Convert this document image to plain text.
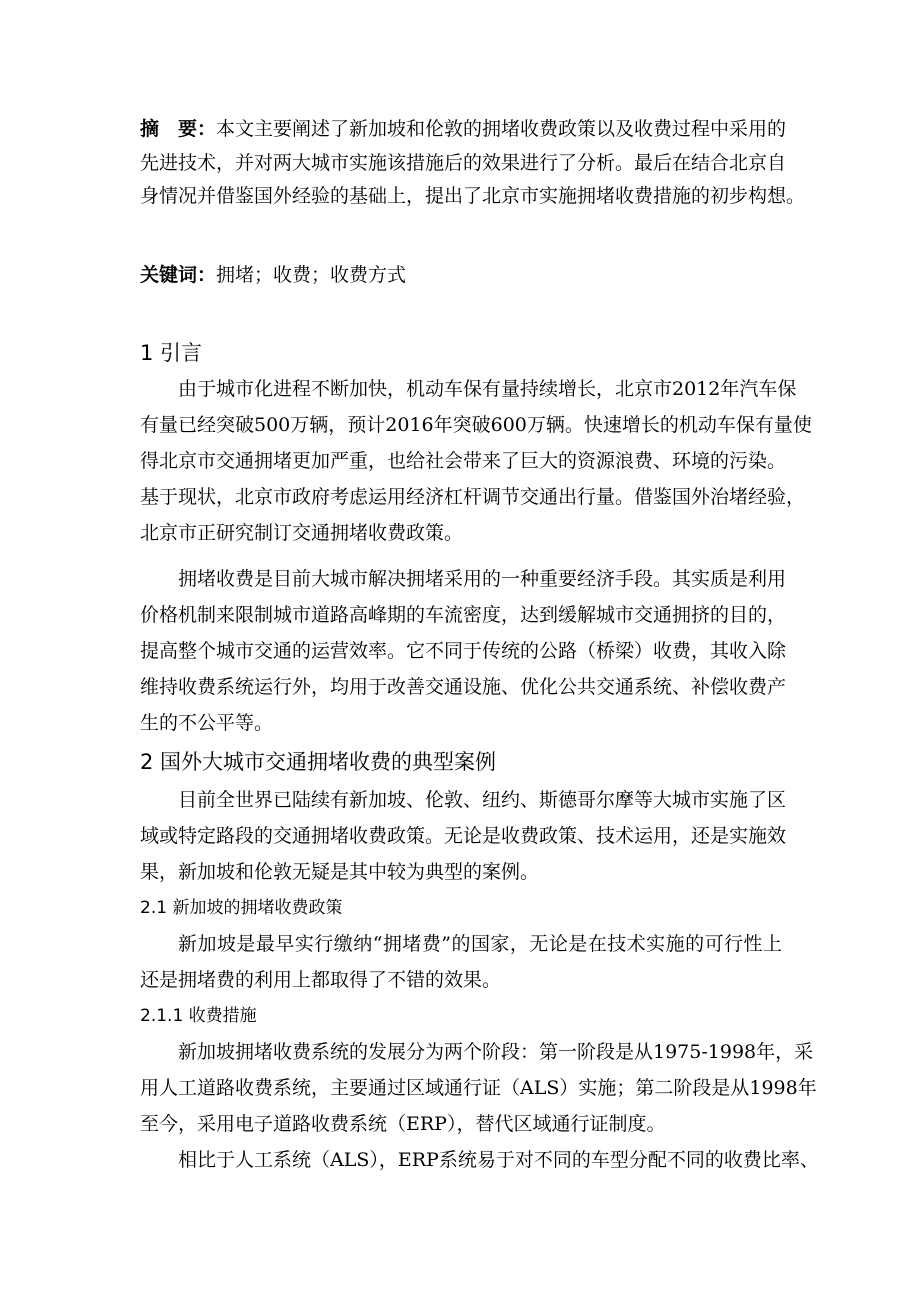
摘　要：本文主要阐述了新加坡和伦敦的拥堵收费政策以及收费过程中采用的
先进技术，并对两大城市实施该措施后的效果进行了分析。最后在结合北京自
身情况并借鉴国外经验的基础上，提出了北京市实施拥堵收费措施的初步构想。
关键词：拥堵；收费；收费方式
1 引言
由于城市化进程不断加快，机动车保有量持续增长，北京市2012年汽车保
有量已经突破500万辆，预计2016年突破600万辆。快速增长的机动车保有量使
得北京市交通拥堵更加严重，也给社会带来了巨大的资源浪费、环境的污染。
基于现状，北京市政府考虑运用经济杠杆调节交通出行量。借鉴国外治堵经验，
北京市正研究制订交通拥堵收费政策。
拥堵收费是目前大城市解决拥堵采用的一种重要经济手段。其实质是利用
价格机制来限制城市道路高峰期的车流密度，达到缓解城市交通拥挤的目的，
提高整个城市交通的运营效率。它不同于传统的公路（桥梁）收费，其收入除
维持收费系统运行外，均用于改善交通设施、优化公共交通系统、补偿收费产
生的不公平等。
2 国外大城市交通拥堵收费的典型案例
目前全世界已陆续有新加坡、伦敦、纽约、斯德哥尔摩等大城市实施了区
域或特定路段的交通拥堵收费政策。无论是收费政策、技术运用，还是实施效
果，新加坡和伦敦无疑是其中较为典型的案例。
2.1 新加坡的拥堵收费政策
新加坡是最早实行缴纳“拥堵费”的国家，无论是在技术实施的可行性上
还是拥堵费的利用上都取得了不错的效果。
2.1.1 收费措施
新加坡拥堵收费系统的发展分为两个阶段：第一阶段是从1975-1998年，采
用人工道路收费系统，主要通过区域通行证（ALS）实施；第二阶段是从1998年
至今，采用电子道路收费系统（ERP），替代区域通行证制度。
相比于人工系统（ALS），ERP系统易于对不同的车型分配不同的收费比率、
